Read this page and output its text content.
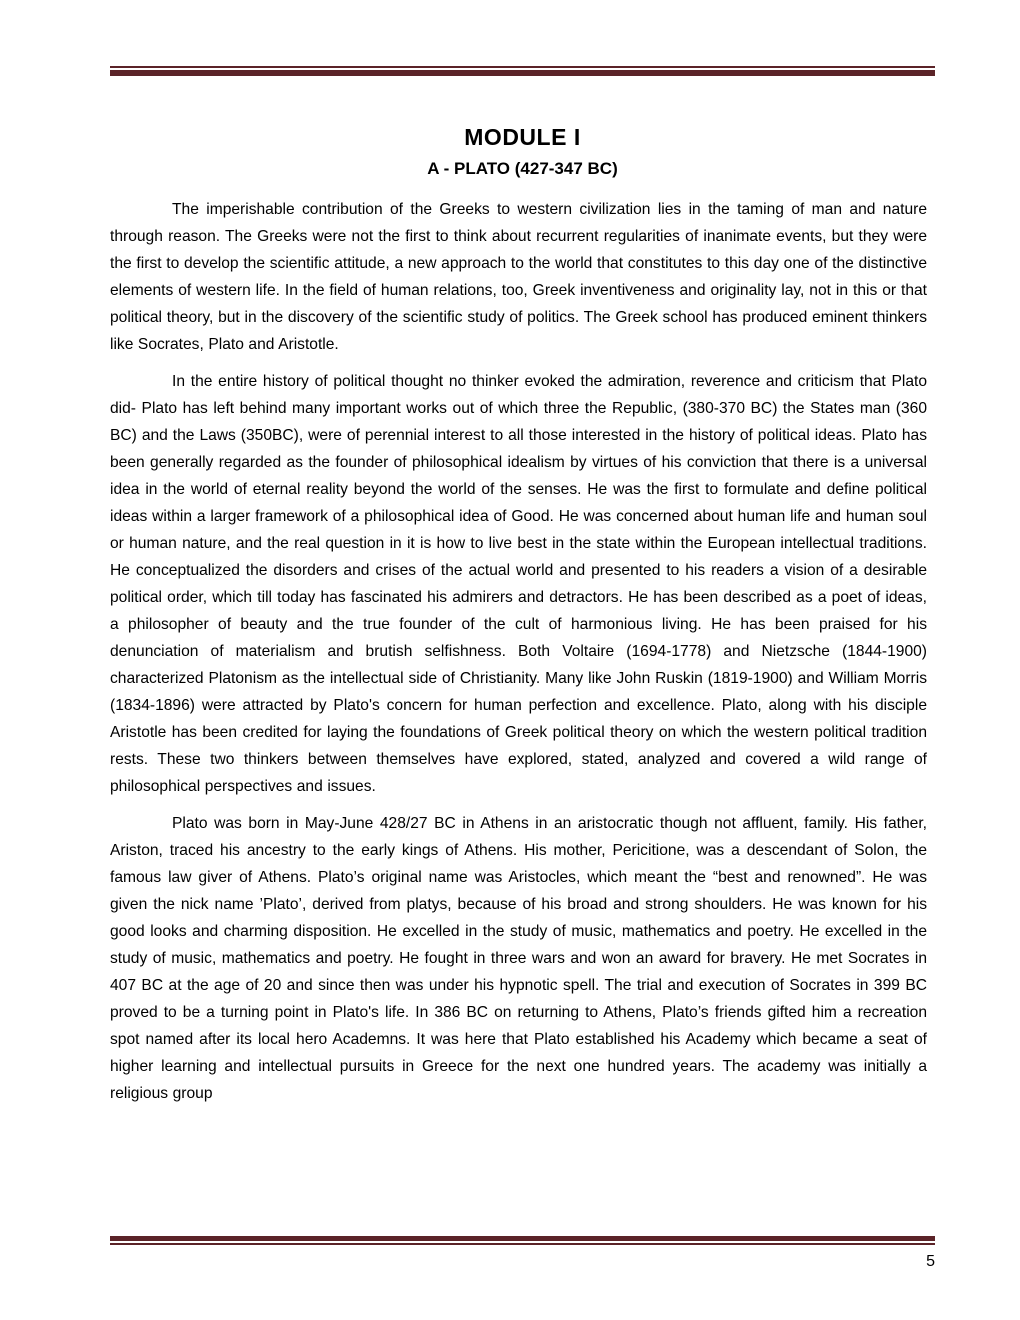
MODULE I
A - PLATO (427-347 BC)

The imperishable contribution of the Greeks to western civilization lies in the taming of man and nature through reason. The Greeks were not the first to think about recurrent regularities of inanimate events, but they were the first to develop the scientific attitude, a new approach to the world that constitutes to this day one of the distinctive elements of western life. In the field of human relations, too, Greek inventiveness and originality lay, not in this or that political theory, but in the discovery of the scientific study of politics. The Greek school has produced eminent thinkers like Socrates, Plato and Aristotle.

In the entire history of political thought no thinker evoked the admiration, reverence and criticism that Plato did- Plato has left behind many important works out of which three the Republic, (380-370 BC) the States man (360 BC) and the Laws (350BC), were of perennial interest to all those interested in the history of political ideas. Plato has been generally regarded as the founder of philosophical idealism by virtues of his conviction that there is a universal idea in the world of eternal reality beyond the world of the senses. He was the first to formulate and define political ideas within a larger framework of a philosophical idea of Good. He was concerned about human life and human soul or human nature, and the real question in it is how to live best in the state within the European intellectual traditions. He conceptualized the disorders and crises of the actual world and presented to his readers a vision of a desirable political order, which till today has fascinated his admirers and detractors. He has been described as a poet of ideas, a philosopher of beauty and the true founder of the cult of harmonious living. He has been praised for his denunciation of materialism and brutish selfishness. Both Voltaire (1694-1778) and Nietzsche (1844-1900) characterized Platonism as the intellectual side of Christianity. Many like John Ruskin (1819-1900) and William Morris (1834-1896) were attracted by Plato's concern for human perfection and excellence. Plato, along with his disciple Aristotle has been credited for laying the foundations of Greek political theory on which the western political tradition rests. These two thinkers between themselves have explored, stated, analyzed and covered a wild range of philosophical perspectives and issues.

Plato was born in May-June 428/27 BC in Athens in an aristocratic though not affluent, family. His father, Ariston, traced his ancestry to the early kings of Athens. His mother, Pericitione, was a descendant of Solon, the famous law giver of Athens. Plato’s original name was Aristocles, which meant the “best and renowned”. He was given the nick name ’Plato’, derived from platys, because of his broad and strong shoulders. He was known for his good looks and charming disposition. He excelled in the study of music, mathematics and poetry. He excelled in the study of music, mathematics and poetry. He fought in three wars and won an award for bravery. He met Socrates in 407 BC at the age of 20 and since then was under his hypnotic spell. The trial and execution of Socrates in 399 BC proved to be a turning point in Plato's life. In 386 BC on returning to Athens, Plato’s friends gifted him a recreation spot named after its local hero Academns. It was here that Plato established his Academy which became a seat of higher learning and intellectual pursuits in Greece for the next one hundred years. The academy was initially a religious group

5
